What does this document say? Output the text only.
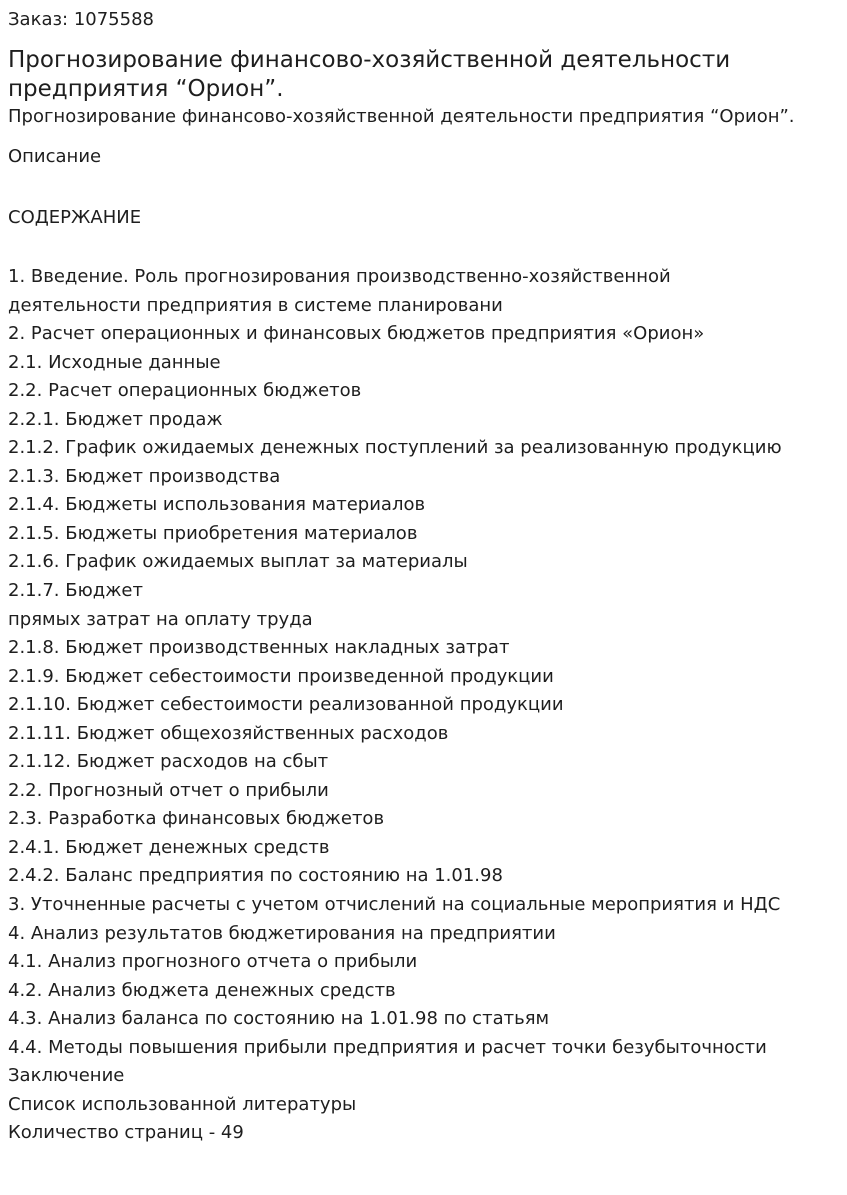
Заказ: 1075588
Прогнозирование финансово-хозяйственной деятельности предприятия “Орион”.
Прогнозирование финансово-хозяйственной деятельности предприятия “Орион”.
Описание
СОДЕРЖАНИЕ
1. Введение. Роль прогнозирования производственно-хозяйственной деятельности предприятия в системе планировани
2. Расчет операционных и финансовых бюджетов предприятия «Орион»
2.1. Исходные данные
2.2. Расчет операционных бюджетов
2.2.1. Бюджет продаж
2.1.2. График ожидаемых денежных поступлений за реализованную продукцию
2.1.3. Бюджет производства
2.1.4. Бюджеты использования материалов
2.1.5. Бюджеты приобретения материалов
2.1.6. График ожидаемых выплат за материалы
2.1.7. Бюджет
прямых затрат на оплату труда
2.1.8. Бюджет производственных накладных затрат
2.1.9. Бюджет себестоимости произведенной продукции
2.1.10. Бюджет себестоимости реализованной продукции
2.1.11. Бюджет общехозяйственных расходов
2.1.12. Бюджет расходов на сбыт
2.2. Прогнозный отчет о прибыли
2.3. Разработка финансовых бюджетов
2.4.1. Бюджет денежных средств
2.4.2. Баланс предприятия по состоянию на 1.01.98
3. Уточненные расчеты с учетом отчислений на социальные мероприятия и НДС
4. Анализ результатов бюджетирования на предприятии
4.1. Анализ прогнозного отчета о прибыли
4.2. Анализ бюджета денежных средств
4.3. Анализ баланса по состоянию на 1.01.98 по статьям
4.4. Методы повышения прибыли предприятия и расчет точки безубыточности
Заключение
Список использованной литературы
Количество страниц - 49
